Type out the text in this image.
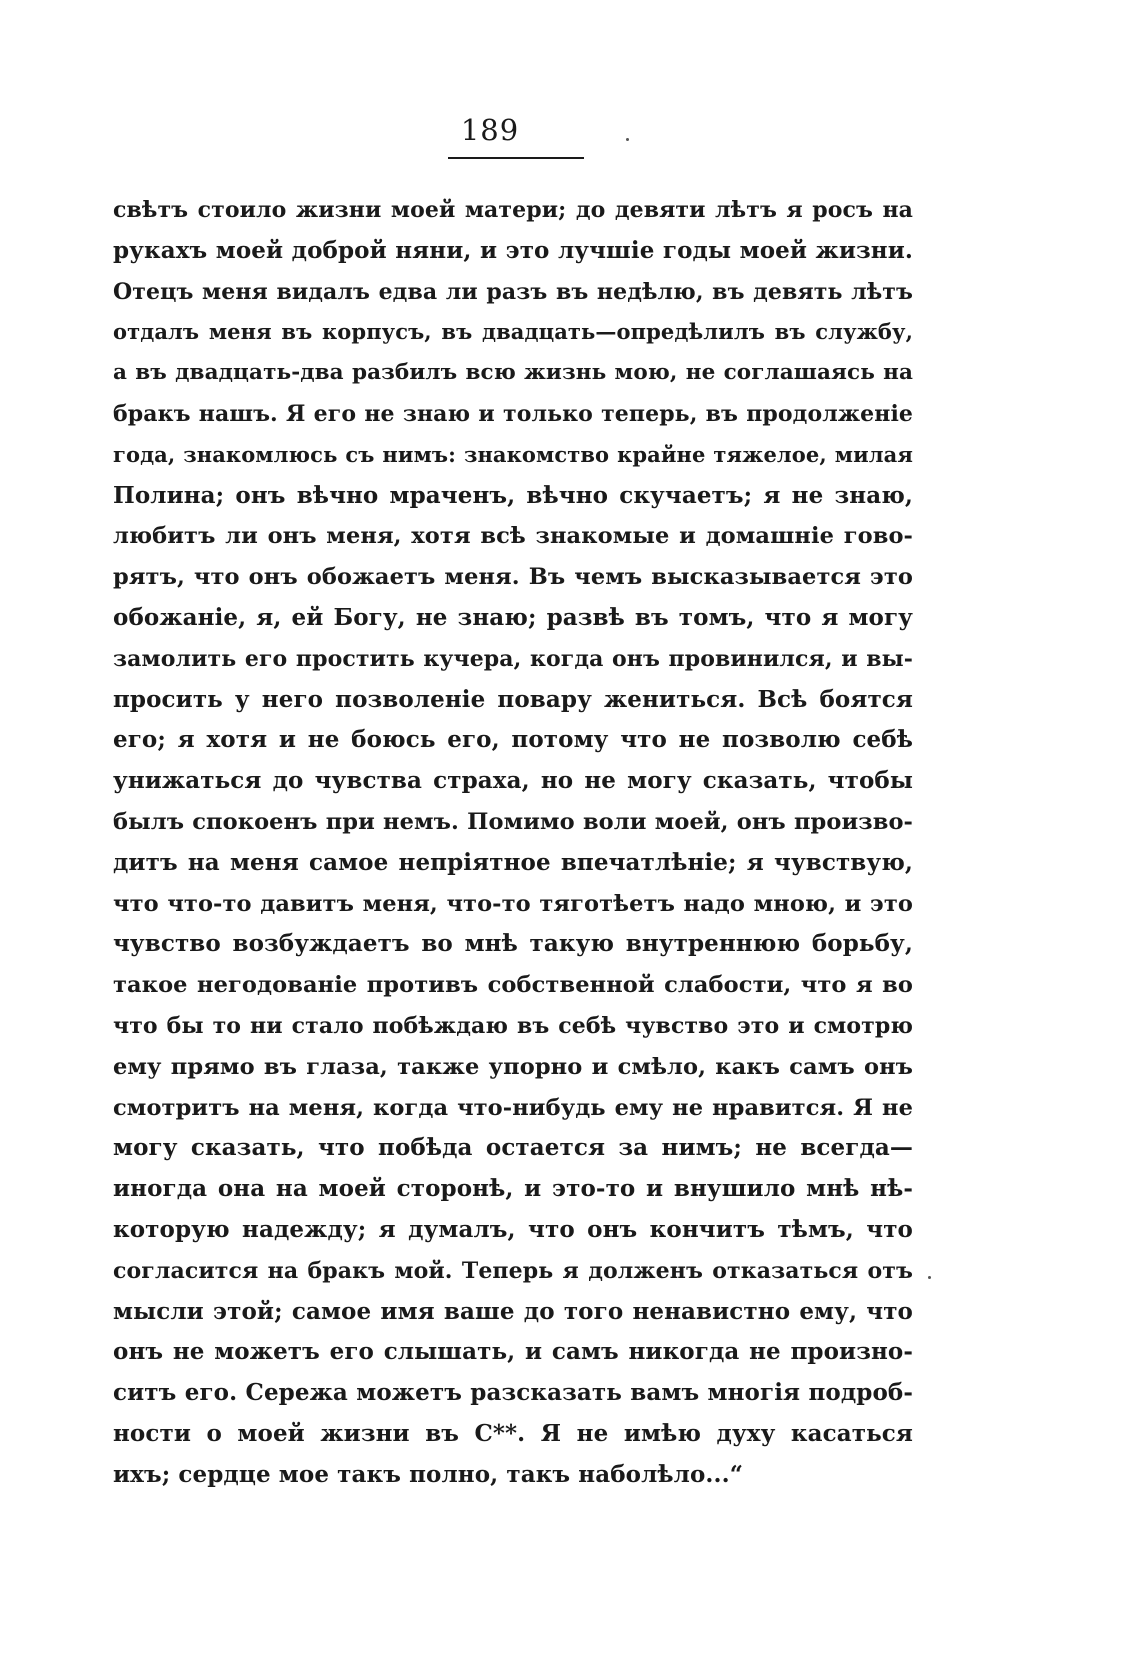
189
свѣтъ стоило жизни моей матери; до девяти лѣтъ я росъ на
рукахъ моей доброй няни, и это лучшіе годы моей жизни.
Отецъ меня видалъ едва ли разъ въ недѣлю, въ девять лѣтъ
отдалъ меня въ корпусъ, въ двадцать—опредѣлилъ въ службу,
а въ двадцать-два разбилъ всю жизнь мою, не соглашаясь на
бракъ нашъ. Я его не знаю и только теперь, въ продолженіе
года, знакомлюсь съ нимъ: знакомство крайне тяжелое, милая
Полина; онъ вѣчно мраченъ, вѣчно скучаетъ; я не знаю,
любитъ ли онъ меня, хотя всѣ знакомые и домашніе гово-
рятъ, что онъ обожаетъ меня. Въ чемъ высказывается это
обожаніе, я, ей Богу, не знаю; развѣ въ томъ, что я могу
замолить его простить кучера, когда онъ провинился, и вы-
просить у него позволеніе повару жениться. Всѣ боятся
его; я хотя и не боюсь его, потому что не позволю себѣ
унижаться до чувства страха, но не могу сказать, чтобы
былъ спокоенъ при немъ. Помимо воли моей, онъ произво-
дитъ на меня самое непріятное впечатлѣніе; я чувствую,
что что-то давитъ меня, что-то тяготѣетъ надо мною, и это
чувство возбуждаетъ во мнѣ такую внутреннюю борьбу,
такое негодованіе противъ собственной слабости, что я во
что бы то ни стало побѣждаю въ себѣ чувство это и смотрю
ему прямо въ глаза, также упорно и смѣло, какъ самъ онъ
смотритъ на меня, когда что-нибудь ему не нравится. Я не
могу сказать, что побѣда остается за нимъ; не всегда—
иногда она на моей сторонѣ, и это-то и внушило мнѣ нѣ-
которую надежду; я думалъ, что онъ кончитъ тѣмъ, что
согласится на бракъ мой. Теперь я долженъ отказаться отъ
мысли этой; самое имя ваше до того ненавистно ему, что
онъ не можетъ его слышать, и самъ никогда не произно-
ситъ его. Сережа можетъ разсказать вамъ многія подроб-
ности о моей жизни въ С**. Я не имѣю духу касаться
ихъ; сердце мое такъ полно, такъ наболѣло...“
